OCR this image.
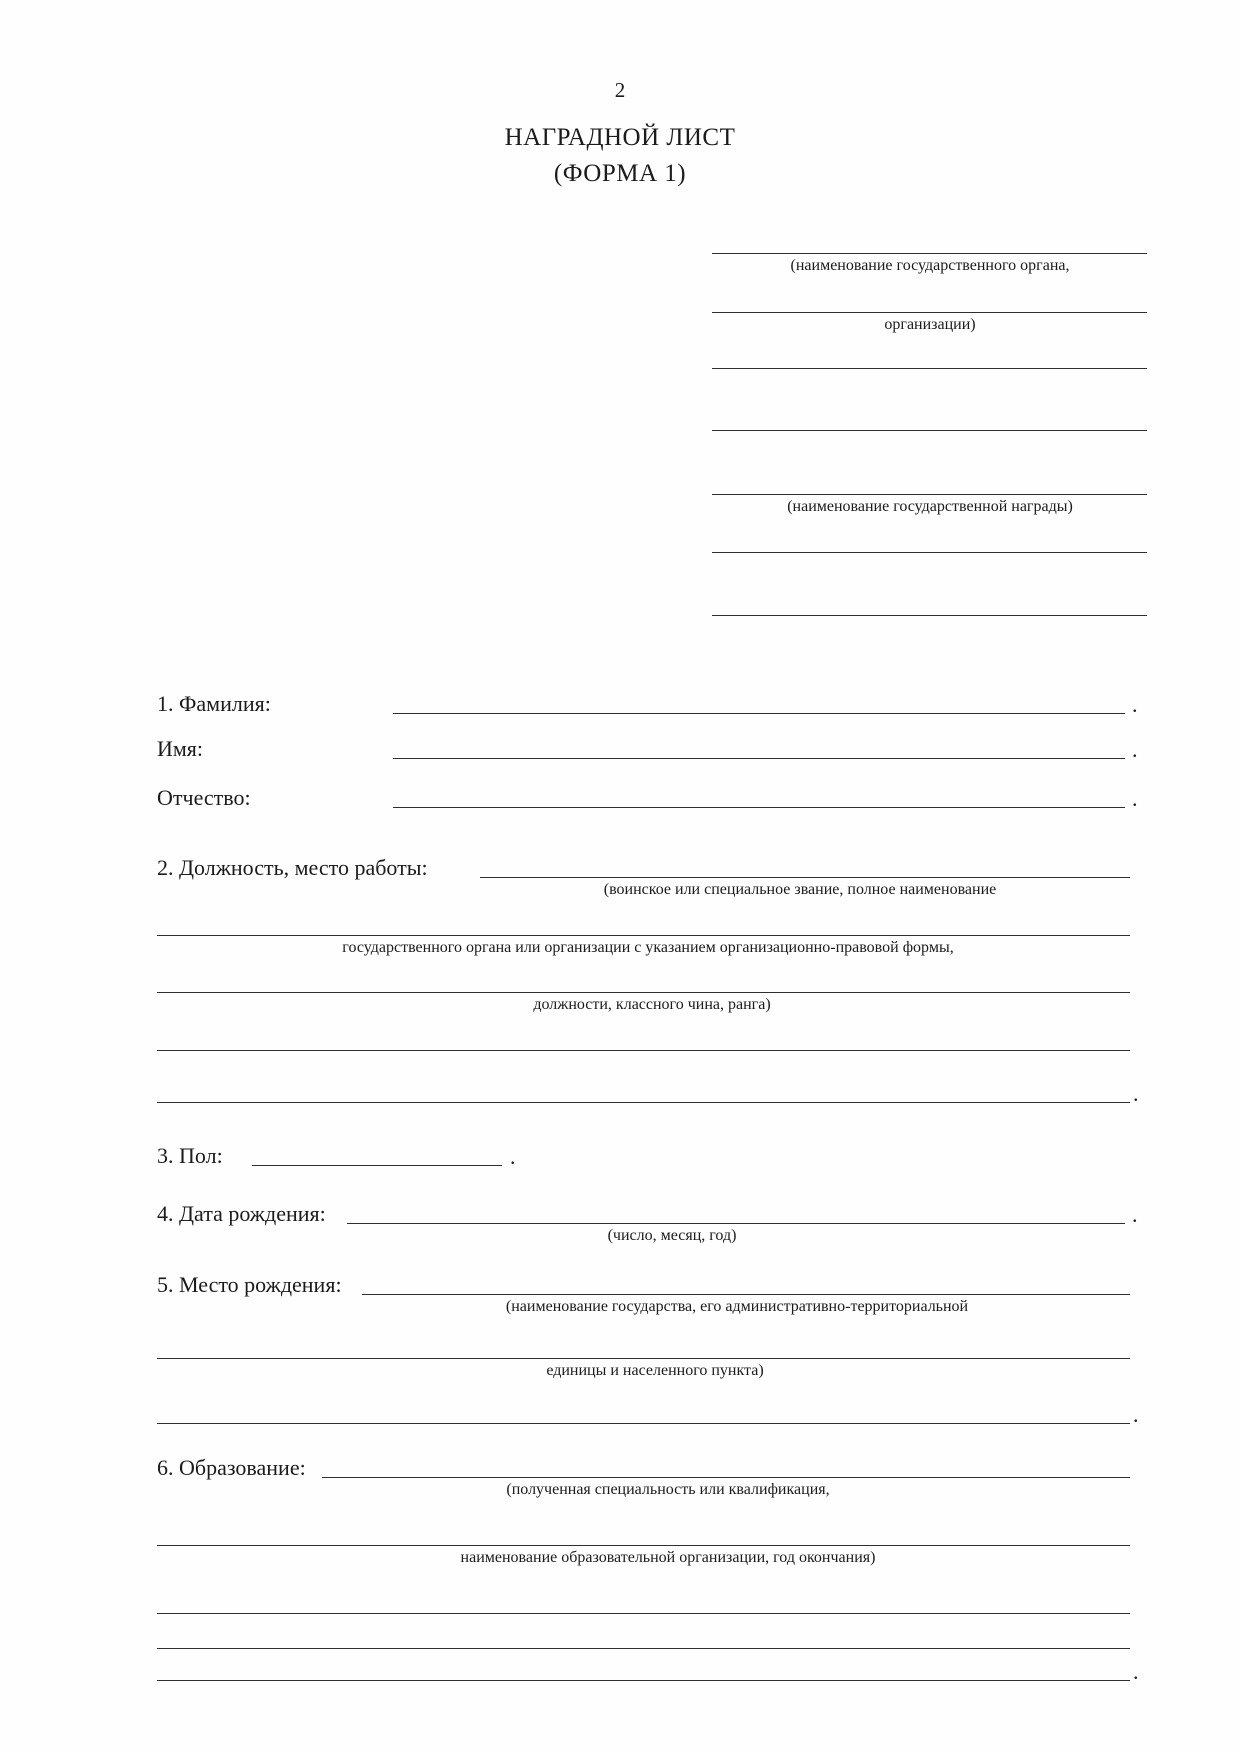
2
НАГРАДНОЙ ЛИСТ
(ФОРМА 1)
(наименование государственного органа,
организации)
(наименование государственной награды)
1. Фамилия:	.
Имя:	.
Отчество:	.
2. Должность, место работы:
(воинское или специальное звание, полное наименование
государственного органа или организации с указанием организационно-правовой формы,
должности, классного чина, ранга)
.
3. Пол:	.
4. Дата рождения:	.
(число, месяц, год)
5. Место рождения:
(наименование государства, его административно-территориальной
единицы и населенного пункта)
.
6. Образование:
(полученная специальность или квалификация,
наименование образовательной организации, год окончания)
.
